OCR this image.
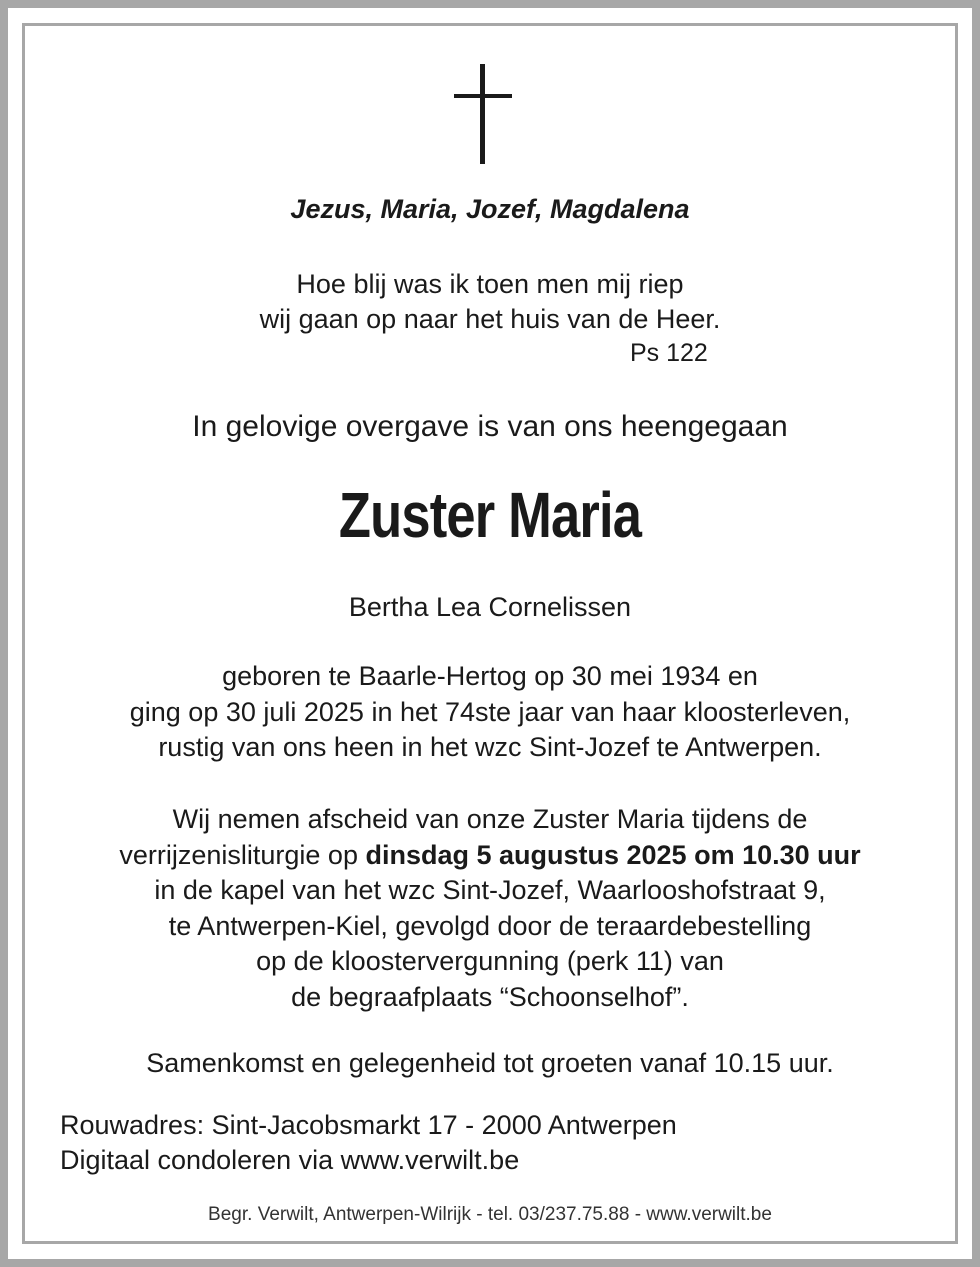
Jezus, Maria, Jozef, Magdalena
Hoe blij was ik toen men mij riep
wij gaan op naar het huis van de Heer.
Ps 122
In gelovige overgave is van ons heengegaan
Zuster Maria
Bertha Lea Cornelissen
geboren te Baarle-Hertog op 30 mei 1934 en
ging op 30 juli 2025 in het 74ste jaar van haar kloosterleven,
rustig van ons heen in het wzc Sint-Jozef te Antwerpen.
Wij nemen afscheid van onze Zuster Maria tijdens de
verrijzenisliturgie op dinsdag 5 augustus 2025 om 10.30 uur
in de kapel van het wzc Sint-Jozef, Waarlooshofstraat 9,
te Antwerpen-Kiel, gevolgd door de teraardebestelling
op de kloostervergunning (perk 11) van
de begraafplaats “Schoonselhof”.
Samenkomst en gelegenheid tot groeten vanaf 10.15 uur.
Rouwadres: Sint-Jacobsmarkt 17 - 2000 Antwerpen
Digitaal condoleren via www.verwilt.be
Begr. Verwilt, Antwerpen-Wilrijk - tel. 03/237.75.88 - www.verwilt.be
